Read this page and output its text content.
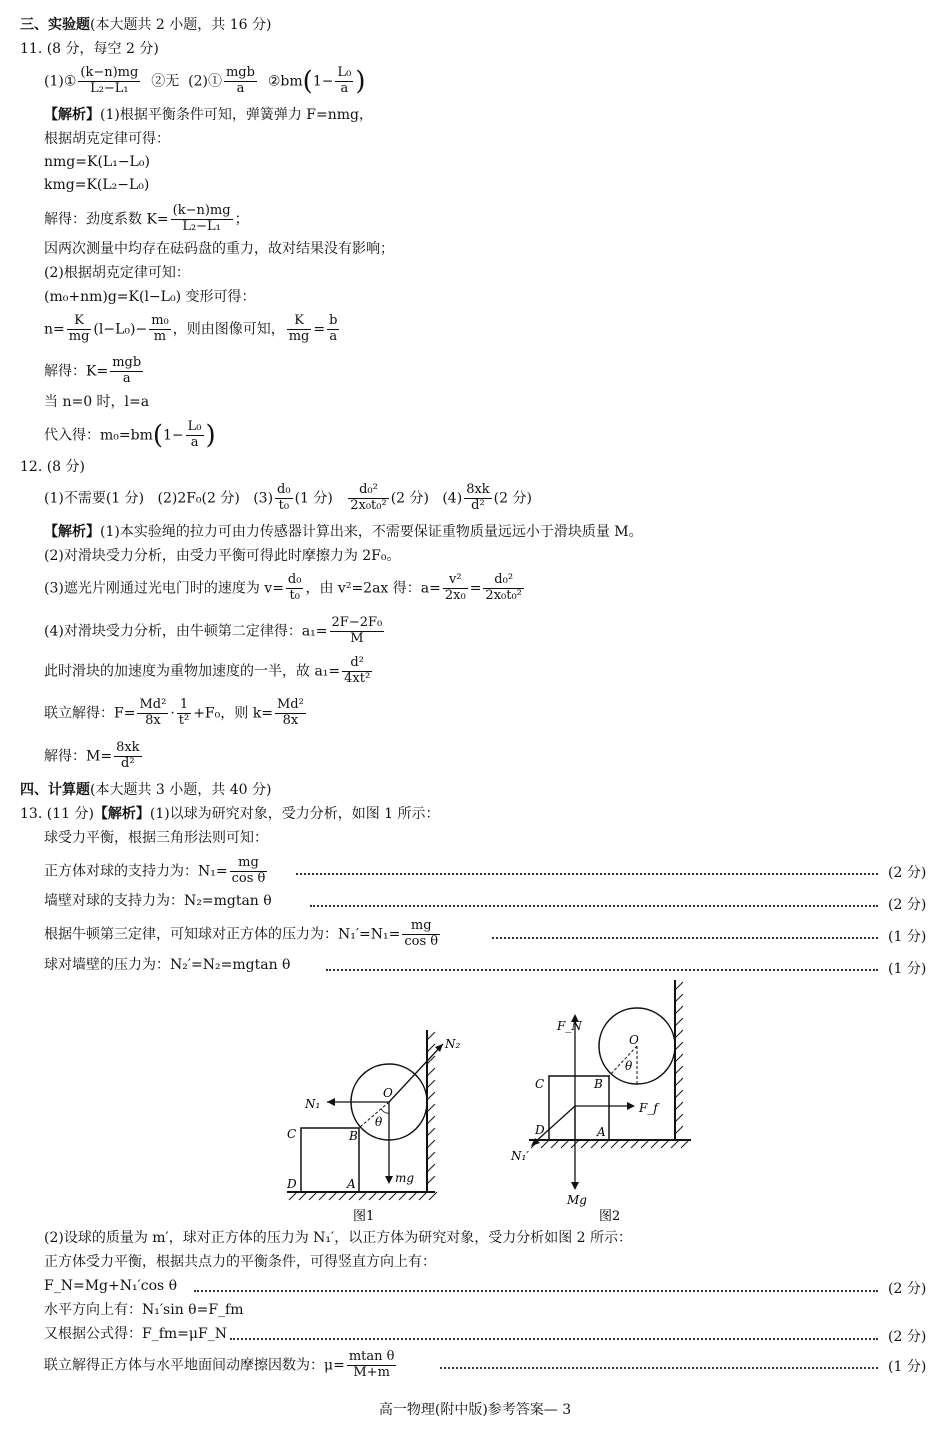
三、实验题(本大题共 2 小题，共 16 分)
11. (8 分，每空 2 分)
(1)① $\frac{(k-n)mg}{\text{L₂−L₁}}$ ②无 (2)① $\frac{\text{mgb}}{a}$ ②bm(1− $\frac{\text{L₀}}{a}$ )
【解析】(1)根据平衡条件可知，弹簧弹力 F=nmg，
根据胡克定律可得：
nmg=K(L₁−L₀)
kmg=K(L₂−L₀)
解得：劲度系数 $K= \frac{(k-n)mg}{\text{L₂−L₁}}$ ；
因两次测量中均存在砝码盘的重力，故对结果没有影响；
(2)根据胡克定律可知：
(m₀+nm)g=K(l−L₀) 变形可得：
$n= \frac{K}{mg} (l-L_0)- \frac{\text{m₀}}{m}$ ，则由图像可知， $\frac{K}{mg} = \frac{b}{a}$
解得：$K= \frac{\text{mgb}}{a}$
当 n=0 时，l=a
代入得：$m_0=bm(1- \frac{\text{L₀}}{a}$ )
12. (8 分)
(1)不需要(1 分) (2)2F₀(2 分) $(3) \frac{\text{d₀}}{\text{t₀}} (1$ 分) $\frac{\text{d₀²}}{\text{2x₀t₀²}} (2$ 分) $(4) \frac{8xk}{\text{d²}} (2$ 分)
【解析】(1)本实验绳的拉力可由力传感器计算出来，不需要保证重物质量远远小于滑块质量 M。
(2)对滑块受力分析，由受力平衡可得此时摩擦力为 2F₀。
(3)遮光片刚通过光电门时的速度为 $v= \frac{\text{d₀}}{\text{t₀}}$ ，由 v²=2ax 得：$a= \frac{\text{v²}}{\text{2x₀}} = \frac{\text{d₀²}}{\text{2x₀t₀²}}$
(4)对滑块受力分析，由牛顿第二定律得：$a_1= \frac{\text{2F−2F₀}}{M}$
此时滑块的加速度为重物加速度的一半，故 $a_1= \frac{\text{d²}}{\text{4xt²}}$
联立解得：$F= \frac{\text{Md²}}{8x} \cdot \frac{1}{\text{t²}} +F_0$，则 $k= \frac{\text{Md²}}{8x}$
解得：$M= \frac{8xk}{\text{d²}}$
四、计算题(本大题共 3 小题，共 40 分)
13. (11 分)【解析】(1)以球为研究对象，受力分析，如图 1 所示：
球受力平衡，根据三角形法则可知：
正方体对球的支持力为：$N_1= \frac{mg}{\text{cos θ}}$	(2 分)
墙壁对球的支持力为：N₂=mgtan θ	(2 分)
根据牛顿第三定律，可知球对正方体的压力为：$N_1'=N_1= \frac{mg}{\text{cos θ}}$	(1 分)
球对墙壁的压力为：N₂′=N₂=mgtan θ	(1 分)
O
θ
N₂
N₁
B
C
D	A	mg
图1
F_N
O
θ
B
C
D	A
F_f
N₁′
Mg
图2
(2)设球的质量为 m′，球对正方体的压力为 N₁′，以正方体为研究对象，受力分析如图 2 所示：
正方体受力平衡，根据共点力的平衡条件，可得竖直方向上有：
F_N=Mg+N₁′cos θ	(2 分)
水平方向上有：N₁′sin θ=F_fm
又根据公式得：F_fm=μF_N	(2 分)
联立解得正方体与水平地面间动摩擦因数为：$\mu= \frac{\text{mtan θ}}{M+m}$	(1 分)
高一物理(附中版)参考答案— 3
